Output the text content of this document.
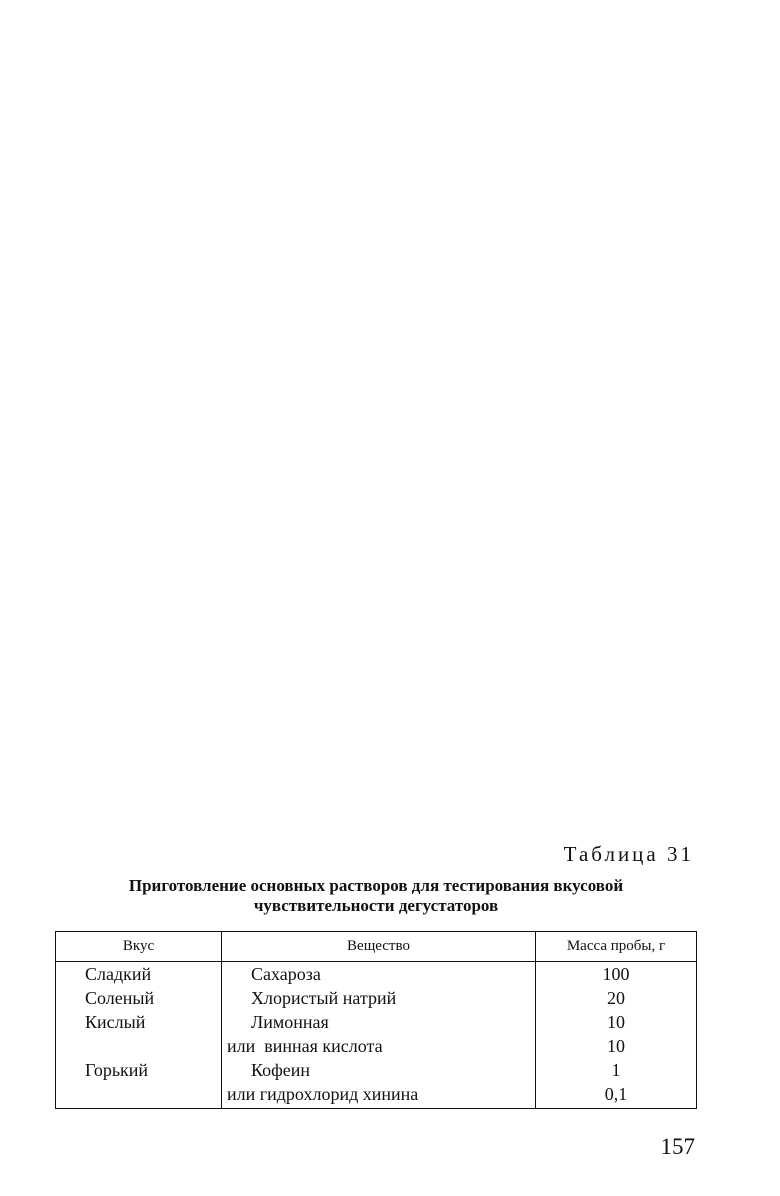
Таблица 31
Приготовление основных растворов для тестирования вкусовой
чувствительности дегустаторов
Вкус	Вещество	Масса пробы, г
Сладкий	Сахароза	100
Соленый	Хлористый натрий	20
Кислый	Лимонная	10
	или  винная кислота	10
Горький	Кофеин	1
	или гидрохлорид хинина	0,1
157
